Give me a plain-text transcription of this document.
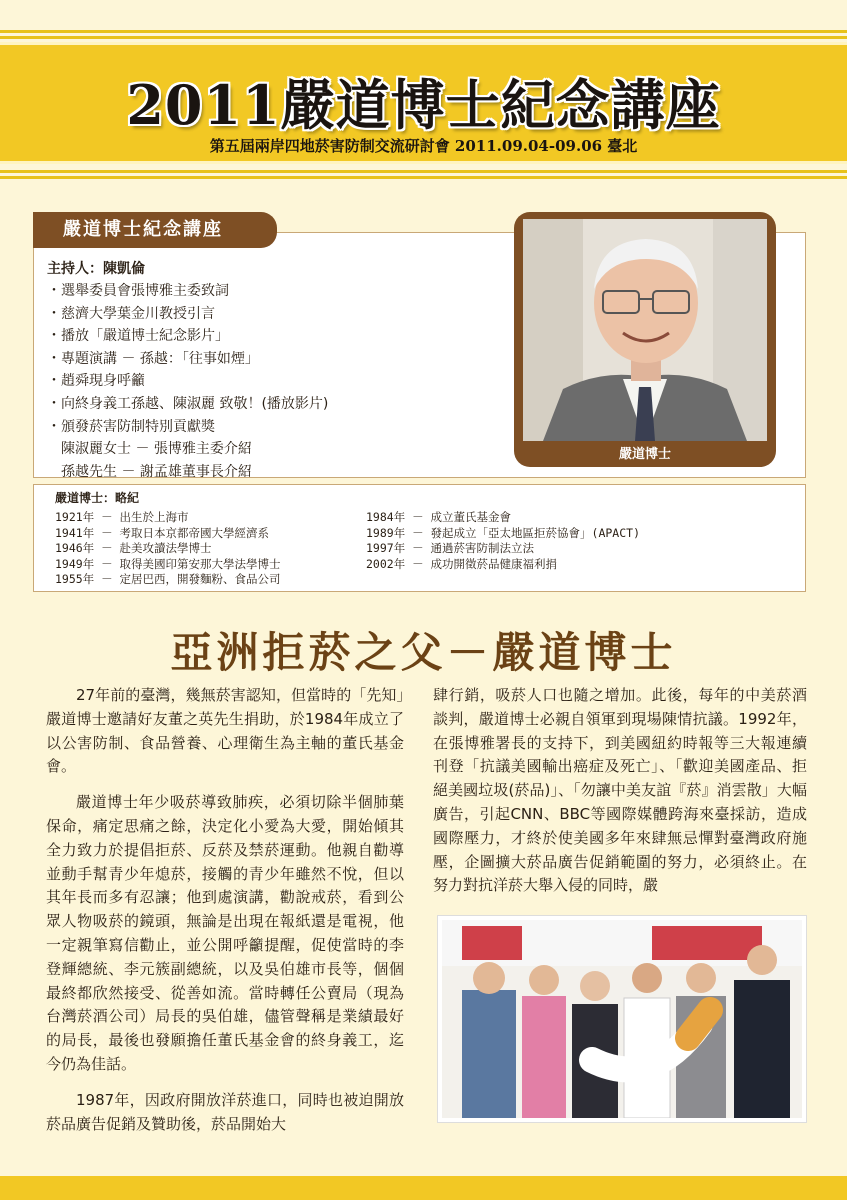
2011嚴道博士紀念講座
第五屆兩岸四地菸害防制交流研討會 2011.09.04-09.06 臺北
嚴道博士紀念講座
主持人：陳凱倫
・選舉委員會張博雅主委致詞
・慈濟大學葉金川教授引言
・播放「嚴道博士紀念影片」
・專題演講 － 孫越：「往事如煙」
・趙舜現身呼籲
・向終身義工孫越、陳淑麗 致敬！(播放影片)
・頒發菸害防制特別貢獻獎
　陳淑麗女士 － 張博雅主委介紹
　孫越先生 － 謝孟雄董事長介紹
嚴道博士
嚴道博士：略紀
1921年 － 出生於上海市
1941年 － 考取日本京都帝國大學經濟系
1946年 － 赴美攻讀法學博士
1949年 － 取得美國印第安那大學法學博士
1955年 － 定居巴西，開發麵粉、食品公司
1984年 － 成立董氏基金會
1989年 － 發起成立「亞太地區拒菸協會」(APACT)
1997年 － 通過菸害防制法立法
2002年 － 成功開徵菸品健康福利捐
亞洲拒菸之父－嚴道博士

27年前的臺灣，幾無菸害認知，但當時的「先知」嚴道博士邀請好友董之英先生捐助，於1984年成立了以公害防制、食品營養、心理衛生為主軸的董氏基金會。

嚴道博士年少吸菸導致肺疾，必須切除半個肺葉保命，痛定思痛之餘，決定化小愛為大愛，開始傾其全力致力於提倡拒菸、反菸及禁菸運動。他親自勸導並動手幫青少年熄菸，接觸的青少年雖然不悅，但以其年長而多有忍讓；他到處演講，勸說戒菸，看到公眾人物吸菸的鏡頭，無論是出現在報紙還是電視，他一定親筆寫信勸止，並公開呼籲提醒，促使當時的李登輝總統、李元簇副總統，以及吳伯雄市長等，個個最終都欣然接受、從善如流。當時轉任公賣局（現為台灣菸酒公司）局長的吳伯雄，儘管聲稱是業績最好的局長，最後也發願擔任董氏基金會的終身義工，迄今仍為佳話。

1987年，因政府開放洋菸進口，同時也被迫開放菸品廣告促銷及贊助後，菸品開始大

肆行銷，吸菸人口也隨之增加。此後，每年的中美菸酒談判，嚴道博士必親自領軍到現場陳情抗議。1992年，在張博雅署長的支持下，到美國紐約時報等三大報連續刊登「抗議美國輸出癌症及死亡」、「歡迎美國產品、拒絕美國垃圾(菸品)」、「勿讓中美友誼『菸』消雲散」大幅廣告，引起CNN、BBC等國際媒體跨海來臺採訪，造成國際壓力，才終於使美國多年來肆無忌憚對臺灣政府施壓，企圖擴大菸品廣告促銷範圍的努力，必須終止。在努力對抗洋菸大舉入侵的同時，嚴
